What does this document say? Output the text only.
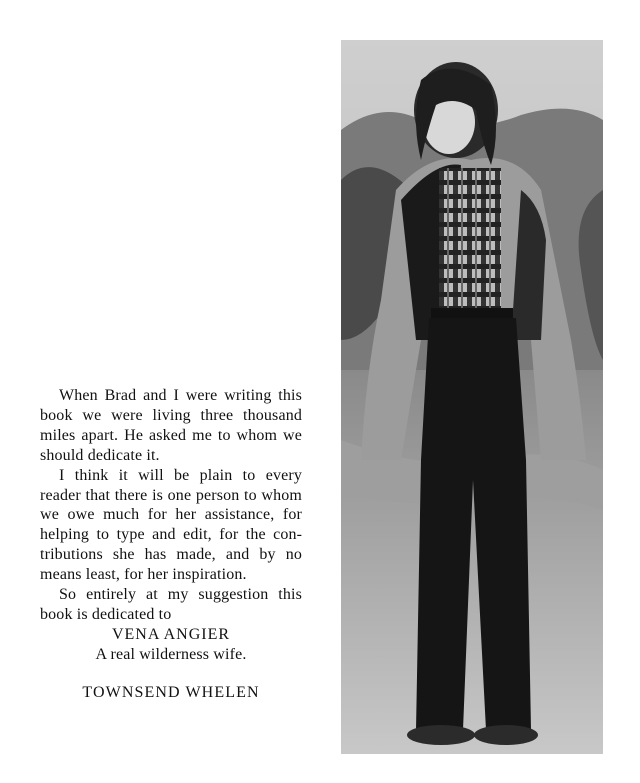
When Brad and I were writing this book we were living three thousand miles apart. He asked me to whom we should dedicate it.

I think it will be plain to every reader that there is one person to whom we owe much for her assistance, for helping to type and edit, for the contributions she has made, and by no means least, for her inspiration.

So entirely at my suggestion this book is dedicated to

VENA ANGIER

A real wilderness wife.

TOWNSEND WHELEN
